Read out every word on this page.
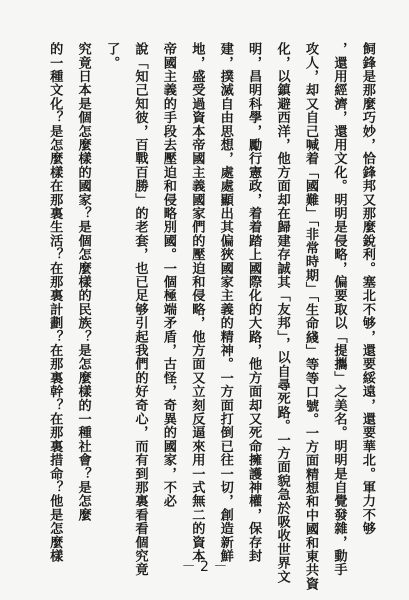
飼鋒是那麼巧妙，恰鋒邦又那麼銳利。塞北不够，還要綏遠，還要華北。軍力不够
，還用經濟，還用文化。明明是侵略，偏要取以「提攜」之美名。明明是自覺發雜，動手
攻人，却又自己喊着「國難」「非常時期」「生命綫」等等口號。一方面精想和中國和東共資
化，以鎮避西洋，他方面却在歸建存誠其「友邦」，以自尋死路。一方面貌急於吸收世界文
明，昌明科學，勵行憲政，着着踏上國際化的大路，他方面却又死命擁護神權，保存封
建，撲滅自由思想，處處顯出其偏狹國家主義的精神。一方面打倒已往一切，創造新鮮
地，盛受過資本帝國主義國家們的壓迫和侵略，他方面又立刻反逼來用一式無二的資本
帝國主義的手段去壓迫和侵略別國。一個極端矛盾，古怪，奇異的國家，不必
說「知己知彼，百戰百勝」的老套，也已足够引起我們的好奇心，而有到那裏看看個究竟
了。
究竟日本是個怎麼樣的國家？是個怎麼樣的民族？是怎麼樣的一種社會？是怎麼
的一種文化？是怎麼樣在那裏生活？在那裏計劃？在那裏幹？在那裏措命？他是怎麼樣
－ 2 －
